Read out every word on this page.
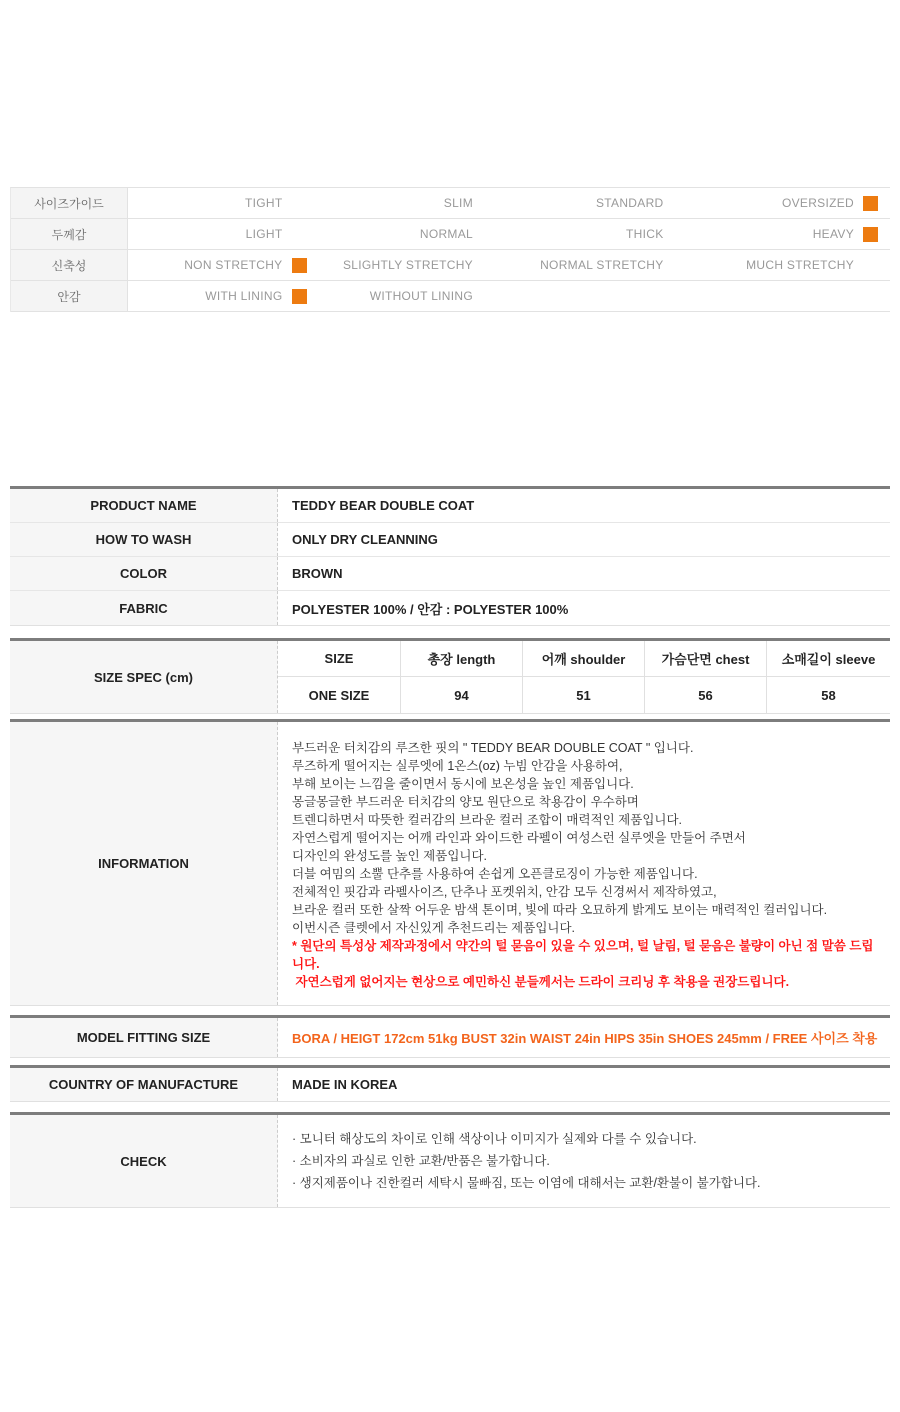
사이즈가이드	TIGHT	SLIM	STANDARD	OVERSIZED
두께감	LIGHT	NORMAL	THICK	HEAVY
신축성	NON STRETCHY	SLIGHTLY STRETCHY	NORMAL STRETCHY	MUCH STRETCHY
안감	WITH LINING	WITHOUT LINING
PRODUCT NAME	TEDDY BEAR DOUBLE COAT
HOW TO WASH	ONLY DRY CLEANNING
COLOR	BROWN
FABRIC	POLYESTER 100% / 안감 : POLYESTER 100%
SIZE SPEC (cm)
SIZE	총장 length	어깨 shoulder	가슴단면 chest	소매길이 sleeve
ONE SIZE	94	51	56	58
INFORMATION
부드러운 터치감의 루즈한 핏의 " TEDDY BEAR DOUBLE COAT " 입니다.
루즈하게 떨어지는 실루엣에 1온스(oz) 누빔 안감을 사용하여,
부해 보이는 느낌을 줄이면서 동시에 보온성을 높인 제품입니다.
몽글몽글한 부드러운 터치감의 양모 원단으로 착용감이 우수하며
트렌디하면서 따뜻한 컬러감의 브라운 컬러 조합이 매력적인 제품입니다.
자연스럽게 떨어지는 어깨 라인과 와이드한 라펠이 여성스런 실루엣을 만들어 주면서
디자인의 완성도를 높인 제품입니다.
더블 여밈의 소뿔 단추를 사용하여 손쉽게 오픈클로징이 가능한 제품입니다.
전체적인 핏감과 라펠사이즈, 단추나 포켓위치, 안감 모두 신경써서 제작하였고,
브라운 컬러 또한 살짝 어두운 밤색 톤이며, 빛에 따라 오묘하게 밝게도 보이는 매력적인 컬러입니다.
이번시즌 클렛에서 자신있게 추천드리는 제품입니다.
* 원단의 특성상 제작과정에서 약간의 털 묻음이 있을 수 있으며, 털 날림, 털 묻음은 불량이 아닌 점 말씀 드립니다.
자연스럽게 없어지는 현상으로 예민하신 분들께서는 드라이 크리닝 후 착용을 권장드립니다.
MODEL FITTING SIZE	BORA / HEIGT 172cm 51kg BUST 32in WAIST 24in HIPS 35in SHOES 245mm / FREE 사이즈 착용
COUNTRY OF MANUFACTURE	MADE IN KOREA
CHECK
· 모니터 해상도의 차이로 인해 색상이나 이미지가 실제와 다를 수 있습니다.
· 소비자의 과실로 인한 교환/반품은 불가합니다.
· 생지제품이나 진한컬러 세탁시 물빠짐, 또는 이염에 대해서는 교환/환불이 불가합니다.
